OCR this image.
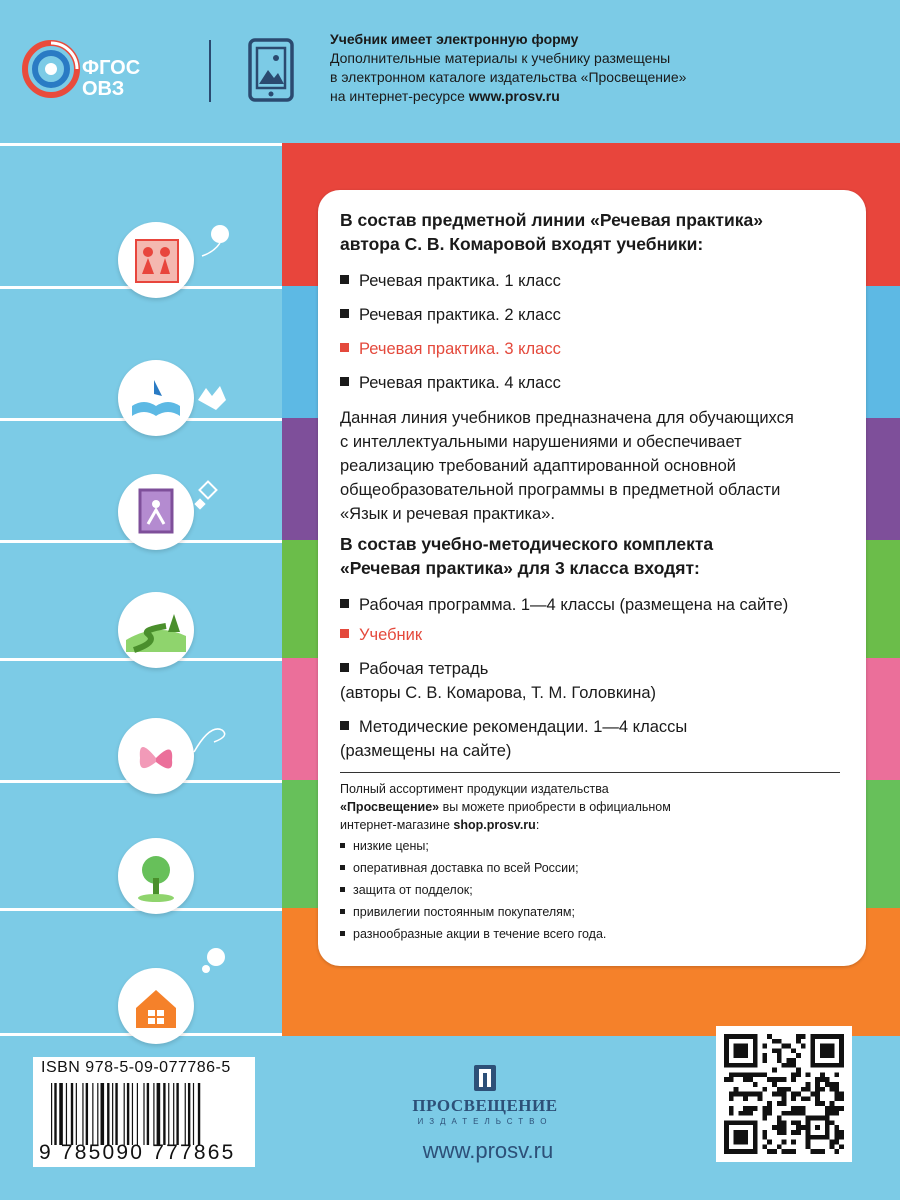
ФГОС
ОВЗ
Учебник имеет электронную форму
Дополнительные материалы к учебнику размещены
в электронном каталоге издательства «Просвещение»
на интернет-ресурсе www.prosv.ru
В состав предметной линии «Речевая практика»
автора С. В. Комаровой входят учебники:
Речевая практика. 1 класс
Речевая практика. 2 класс
Речевая практика. 3 класс
Речевая практика. 4 класс
Данная линия учебников предназначена для обучающихся
с интеллектуальными нарушениями и обеспечивает
реализацию требований адаптированной основной
общеобразовательной программы в предметной области
«Язык и речевая практика».
В состав учебно-методического комплекта
«Речевая практика» для 3 класса входят:
Рабочая программа. 1—4 классы (размещена на сайте)
Учебник
Рабочая тетрадь
(авторы С. В. Комарова, Т. М. Головкина)
Методические рекомендации. 1—4 классы
(размещены на сайте)
Полный ассортимент продукции издательства
«Просвещение» вы можете приобрести в официальном
интернет-магазине shop.prosv.ru:
низкие цены;
оперативная доставка по всей России;
защита от подделок;
привилегии постоянным покупателям;
разнообразные акции в течение всего года.
ISBN 978-5-09-077786-5
9 785090 777865
ПРОСВЕЩЕНИЕ
ИЗДАТЕЛЬСТВО
www.prosv.ru
